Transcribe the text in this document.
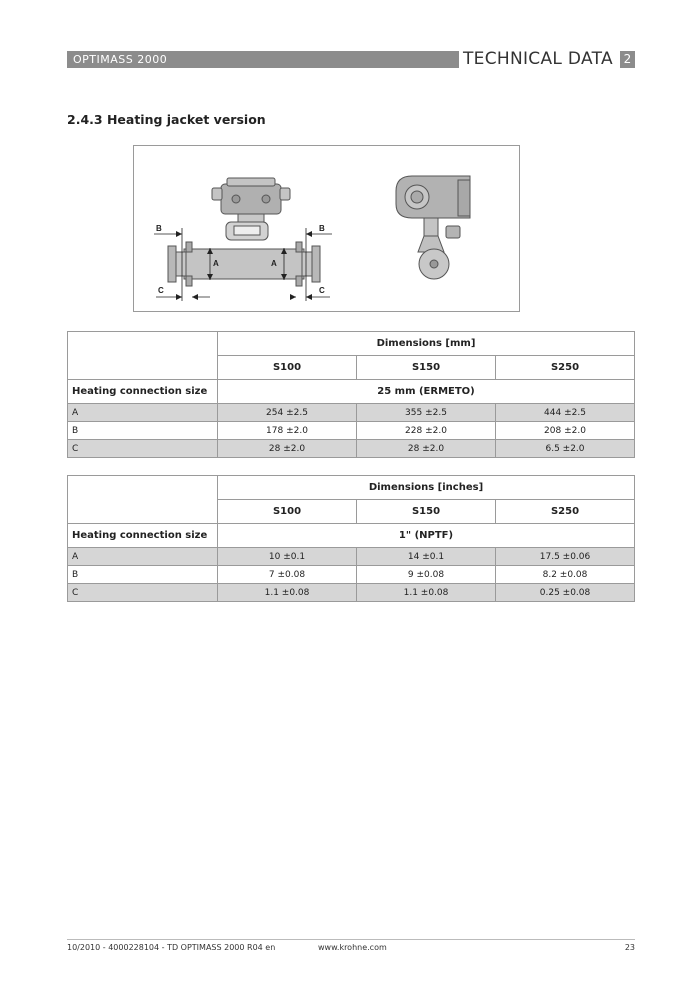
OPTIMASS 2000	TECHNICAL DATA 2
2.4.3 Heating jacket version
B	B
A	A
C	C
	Dimensions [mm]		
	S100	S150	S250
Heating connection size	25 mm (ERMETO)		
A	254 ±2.5	355 ±2.5	444 ±2.5
B	178 ±2.0	228 ±2.0	208 ±2.0
C	28 ±2.0	28 ±2.0	6.5 ±2.0
	Dimensions [inches]		
	S100	S150	S250
Heating connection size	1" (NPTF)		
A	10 ±0.1	14 ±0.1	17.5 ±0.06
B	7 ±0.08	9 ±0.08	8.2 ±0.08
C	1.1 ±0.08	1.1 ±0.08	0.25 ±0.08
10/2010 - 4000228104 - TD OPTIMASS 2000 R04 en	www.krohne.com	23
